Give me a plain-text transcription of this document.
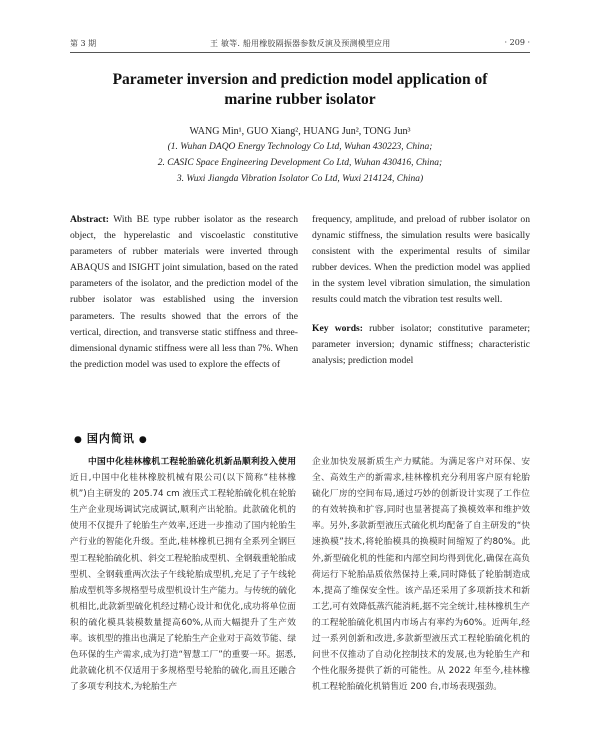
第 3 期	王 敏等. 船用橡胶隔振器参数反演及预测模型应用	· 209 ·
Parameter inversion and prediction model application of
marine rubber isolator
WANG Min¹, GUO Xiang², HUANG Jun², TONG Jun³
(1. Wuhan DAQO Energy Technology Co Ltd, Wuhan 430223, China;
2. CASIC Space Engineering Development Co Ltd, Wuhan 430416, China;
3. Wuxi Jiangda Vibration Isolator Co Ltd, Wuxi 214124, China)
Abstract: With BE type rubber isolator as the research object, the hyperelastic and viscoelastic constitutive parameters of rubber materials were inverted through ABAQUS and ISIGHT joint simulation, based on the rated parameters of the isolator, and the prediction model of the rubber isolator was established using the inversion parameters. The results showed that the errors of the vertical, direction, and transverse static stiffness and three-dimensional dynamic stiffness were all less than 7%. When the prediction model was used to explore the effects of
frequency, amplitude, and preload of rubber isolator on dynamic stiffness, the simulation results were basically consistent with the experimental results of similar rubber devices. When the prediction model was applied in the system level vibration simulation, the simulation results could match the vibration test results well.
Key words: rubber isolator; constitutive parameter; parameter inversion; dynamic stiffness; characteristic analysis; prediction model
● 国内简讯 ●
中国中化桂林橡机工程轮胎硫化机新品顺利投入使用 近日,中国中化桂林橡胶机械有限公司(以下简称“桂林橡机”)自主研发的 205.74 cm 液压式工程轮胎硫化机在轮胎生产企业现场调试完成调试,顺利产出轮胎。此款硫化机的使用不仅提升了轮胎生产效率,还进一步推动了国内轮胎生产行业的智能化升级。至此,桂林橡机已拥有全系列全钢巨型工程轮胎硫化机、斜交工程轮胎成型机、全钢载重轮胎成型机、全钢载重两次法子午线轮胎成型机,充足了子午线轮胎成型机等多规格型号成型机设计生产能力。与传统的硫化机相比,此款新型硫化机经过精心设计和优化,成功将单位面积的硫化模具装模数量提高60%,从而大幅提升了生产效率。该机型的推出也满足了轮胎生产企业对于高效节能、绿色环保的生产需求,成为打造“智慧工厂”的重要一环。据悉,此款硫化机不仅适用于多规格型号轮胎的硫化,而且还融合了多项专利技术,为轮胎生产
企业加快发展新质生产力赋能。为满足客户对环保、安全、高效生产的新需求,桂林橡机充分利用客户原有轮胎硫化厂房的空间布局,通过巧妙的创新设计实现了工作位的有效转换和扩容,同时也显著提高了换模效率和维护效率。另外,多款新型液压式硫化机均配备了自主研发的“快速换模”技术,将轮胎模具的换模时间缩短了约80%。此外,新型硫化机的性能和内部空间均得到优化,确保在高负荷运行下轮胎品质依然保持上乘,同时降低了轮胎制造成本,提高了维保安全性。该产品还采用了多项新技术和新工艺,可有效降低蒸汽能消耗,据不完全统计,桂林橡机生产的工程轮胎硫化机国内市场占有率约为60%。近两年,经过一系列创新和改进,多款新型液压式工程轮胎硫化机的问世不仅推动了自动化控制技术的发展,也为轮胎生产和个性化服务提供了新的可能性。从 2022 年至今,桂林橡机工程轮胎硫化机销售近 200 台,市场表现强劲。
